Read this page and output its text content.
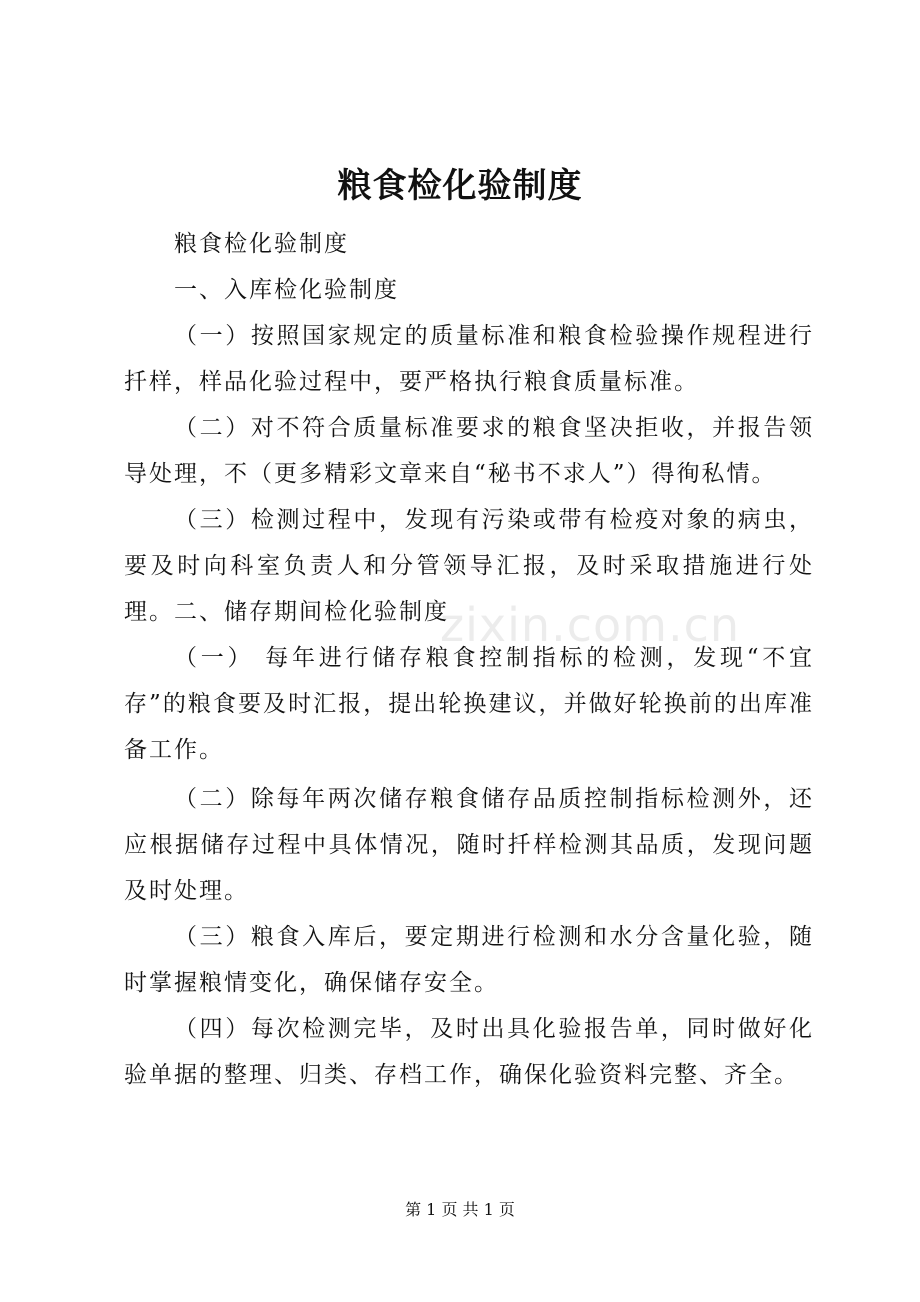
粮食检化验制度
粮食检化验制度
一、入库检化验制度
（一）按照国家规定的质量标准和粮食检验操作规程进行扦样，样品化验过程中，要严格执行粮食质量标准。
（二）对不符合质量标准要求的粮食坚决拒收，并报告领导处理，不（更多精彩文章来自“秘书不求人”）得徇私情。
（三）检测过程中，发现有污染或带有检疫对象的病虫，要及时向科室负责人和分管领导汇报，及时采取措施进行处理。 二、储存期间检化验制度
（一） 每年进行储存粮食控制指标的检测，发现“不宜存”的粮食要及时汇报，提出轮换建议，并做好轮换前的出库准备工作。
（二）除每年两次储存粮食储存品质控制指标检测外，还应根据储存过程中具体情况，随时扦样检测其品质，发现问题及时处理。
（三）粮食入库后，要定期进行检测和水分含量化验，随时掌握粮情变化，确保储存安全。
（四）每次检测完毕，及时出具化验报告单，同时做好化验单据的整理、归类、存档工作，确保化验资料完整、齐全。
zixin.com.cn
第 1 页 共 1 页
